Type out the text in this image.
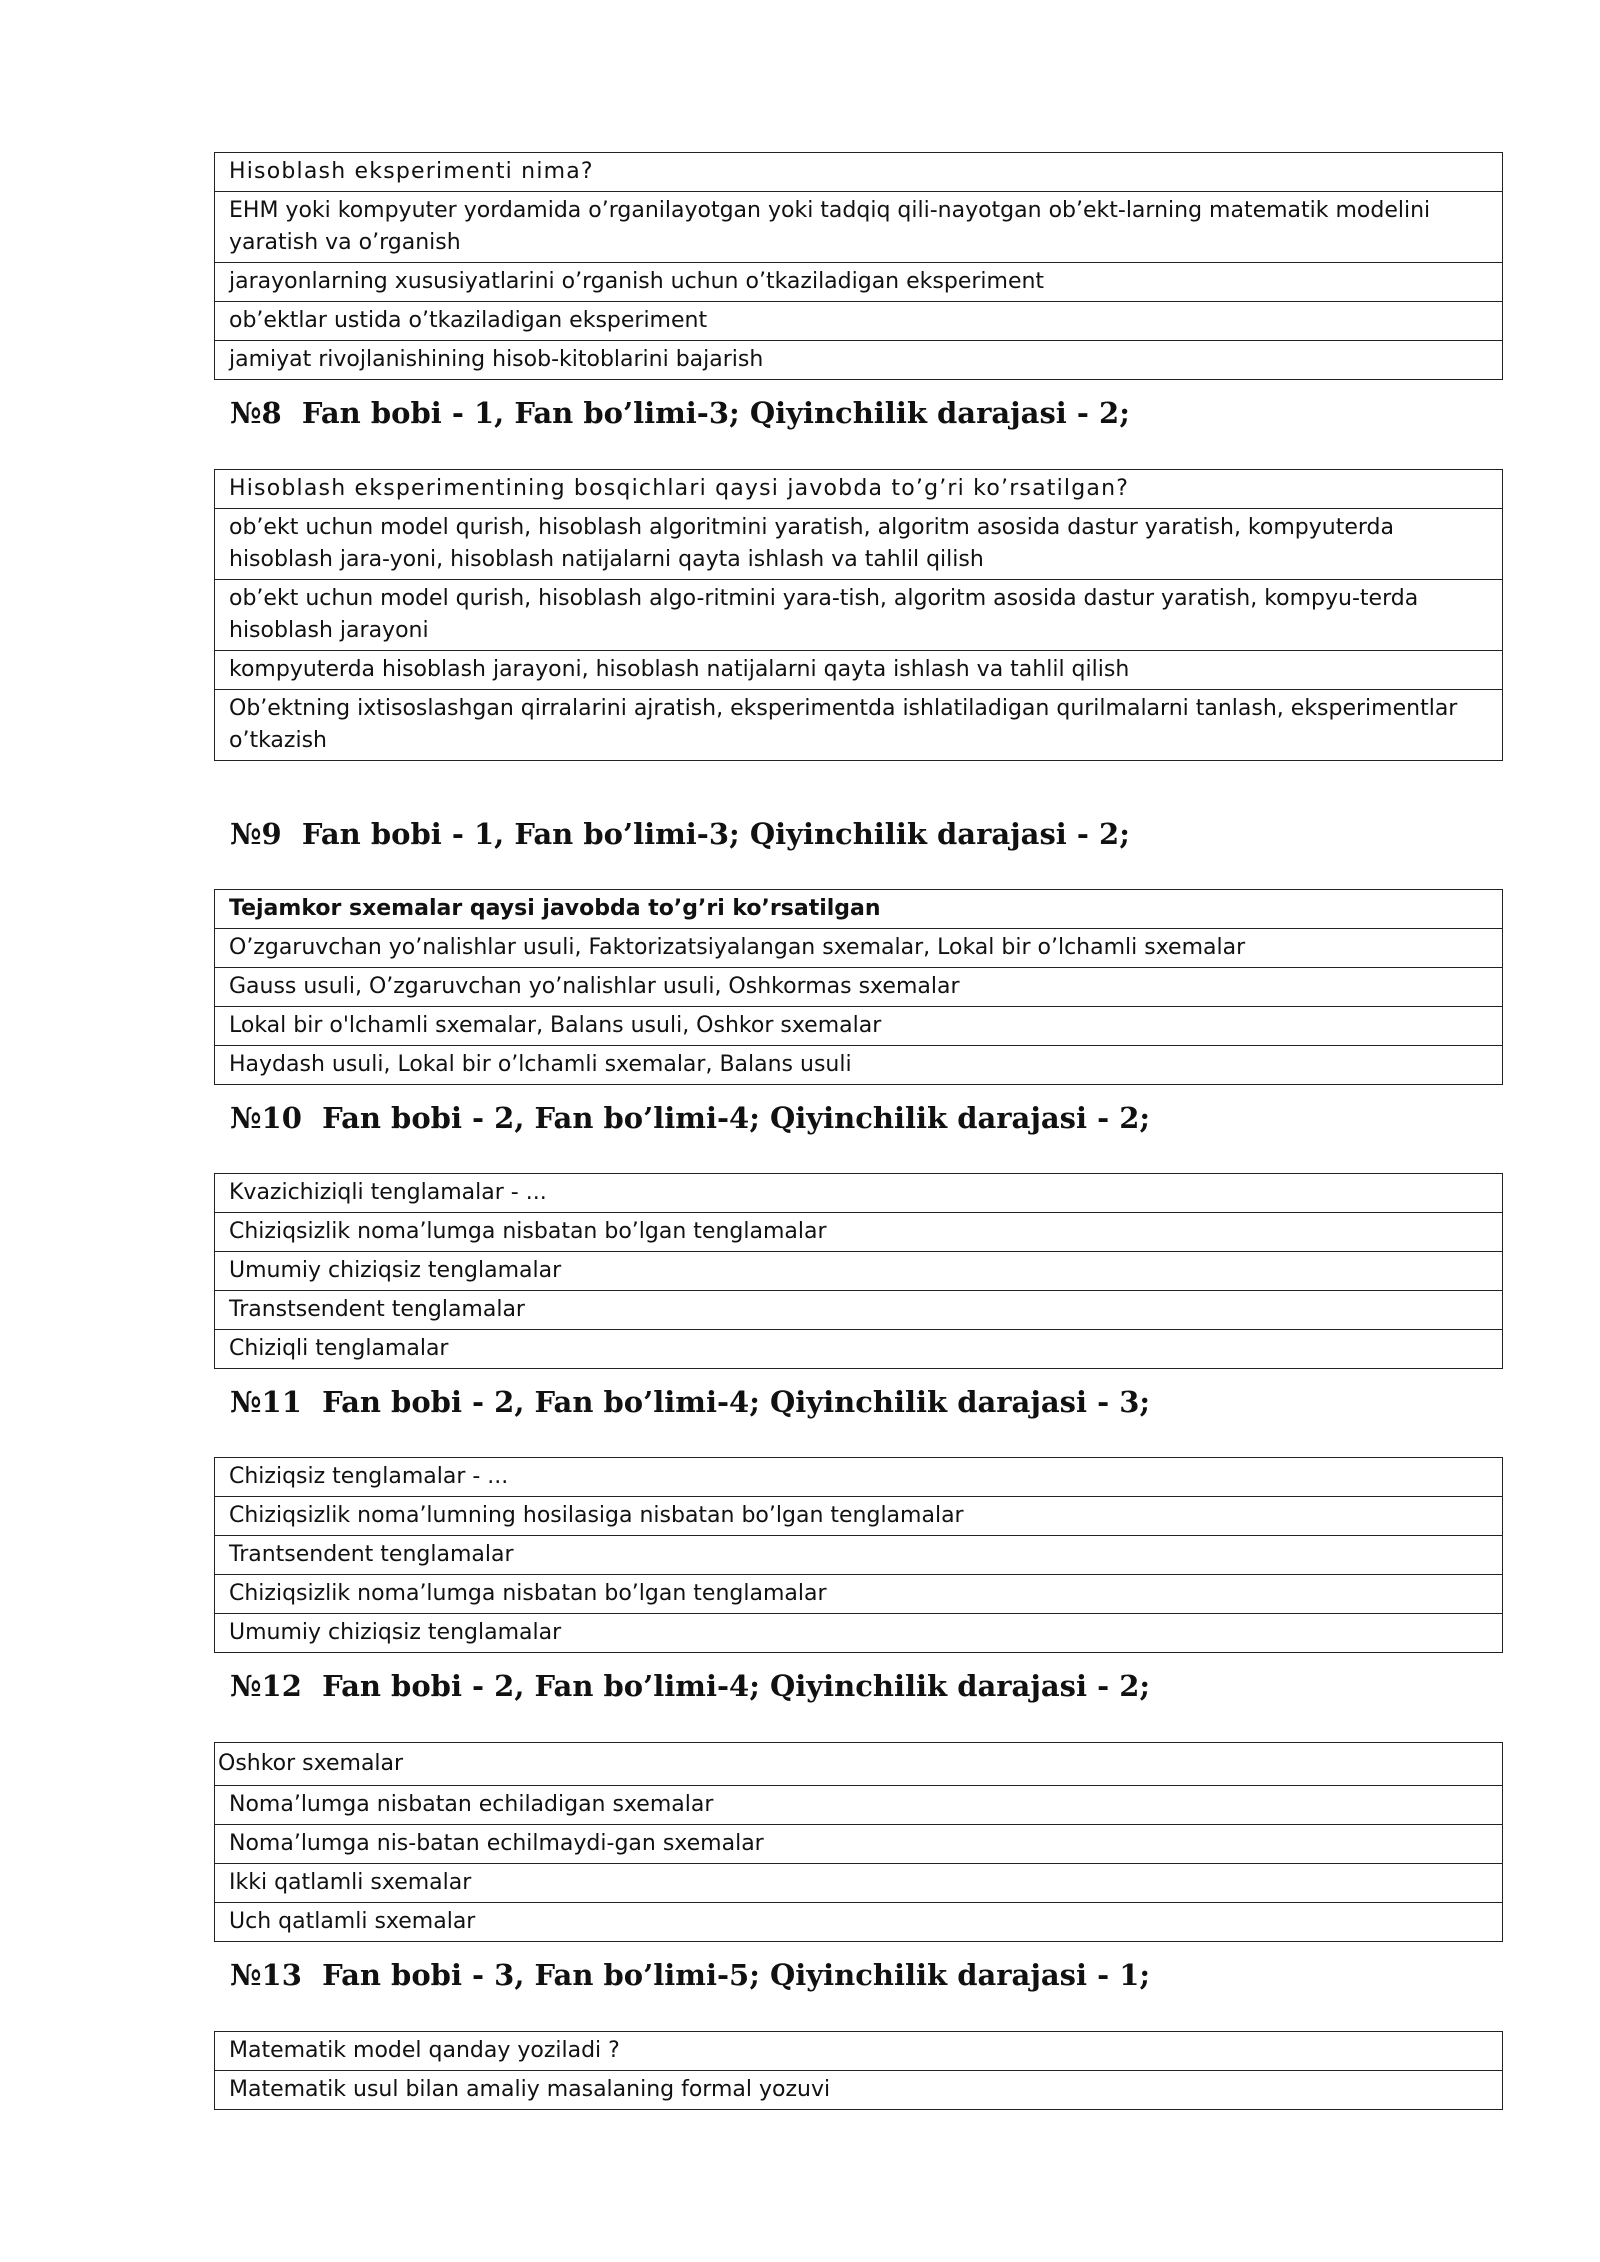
Hisoblash eksperimenti nima?
EHM yoki kompyuter yordamida o’rganilayotgan yoki tadqiq qili-nayotgan ob’ekt-larning matematik modelini yaratish va o’rganish
jarayonlarning xususiyatlarini o’rganish uchun o’tkaziladigan eksperiment
ob’ektlar ustida o’tkaziladigan eksperiment
jamiyat rivojlanishining hisob-kitoblarini bajarish
№8  Fan bobi - 1, Fan bo’limi-3; Qiyinchilik darajasi - 2;
Hisoblash eksperimentining bosqichlari qaysi javobda to’g’ri ko’rsatilgan?
ob’ekt uchun model qurish, hisoblash algoritmini yaratish, algoritm asosida dastur yaratish, kompyuterda hisoblash jara-yoni, hisoblash natijalarni qayta ishlash va tahlil qilish
ob’ekt uchun model qurish, hisoblash algo-ritmini yara-tish, algoritm asosida dastur yaratish, kompyu-terda hisoblash jarayoni
kompyuterda hisoblash jarayoni, hisoblash natijalarni qayta ishlash va tahlil qilish
Ob’ektning ixtisoslashgan qirralarini ajratish, eksperimentda ishlatiladigan qurilmalarni tanlash, eksperimentlar o’tkazish
№9  Fan bobi - 1, Fan bo’limi-3; Qiyinchilik darajasi - 2;
Tejamkor sxemalar qaysi javobda to’g’ri ko’rsatilgan
O’zgaruvchan yo’nalishlar usuli, Faktorizatsiyalangan sxemalar, Lokal bir o’lchamli sxemalar
Gauss usuli, O’zgaruvchan yo’nalishlar usuli, Oshkormas sxemalar
Lokal bir o'lchamli sxemalar, Balans usuli, Oshkor sxemalar
Haydash usuli, Lokal bir o’lchamli sxemalar, Balans usuli
№10  Fan bobi - 2, Fan bo’limi-4; Qiyinchilik darajasi - 2;
Kvazichiziqli tenglamalar - ...
Chiziqsizlik noma’lumga nisbatan bo’lgan tenglamalar
Umumiy chiziqsiz tenglamalar
Transtsendent tenglamalar
Chiziqli tenglamalar
№11  Fan bobi - 2, Fan bo’limi-4; Qiyinchilik darajasi - 3;
Chiziqsiz tenglamalar - ...
Chiziqsizlik noma’lumning hosilasiga nisbatan bo’lgan tenglamalar
Trantsendent tenglamalar
Chiziqsizlik noma’lumga nisbatan bo’lgan tenglamalar
Umumiy chiziqsiz tenglamalar
№12  Fan bobi - 2, Fan bo’limi-4; Qiyinchilik darajasi - 2;
Oshkor sxemalar
Noma’lumga nisbatan echiladigan sxemalar
Noma’lumga nis-batan echilmaydi-gan sxemalar
Ikki qatlamli sxemalar
Uch qatlamli sxemalar
№13  Fan bobi - 3, Fan bo’limi-5; Qiyinchilik darajasi - 1;
Matematik model qanday yoziladi ?
Matematik usul bilan amaliy masalaning formal yozuvi
